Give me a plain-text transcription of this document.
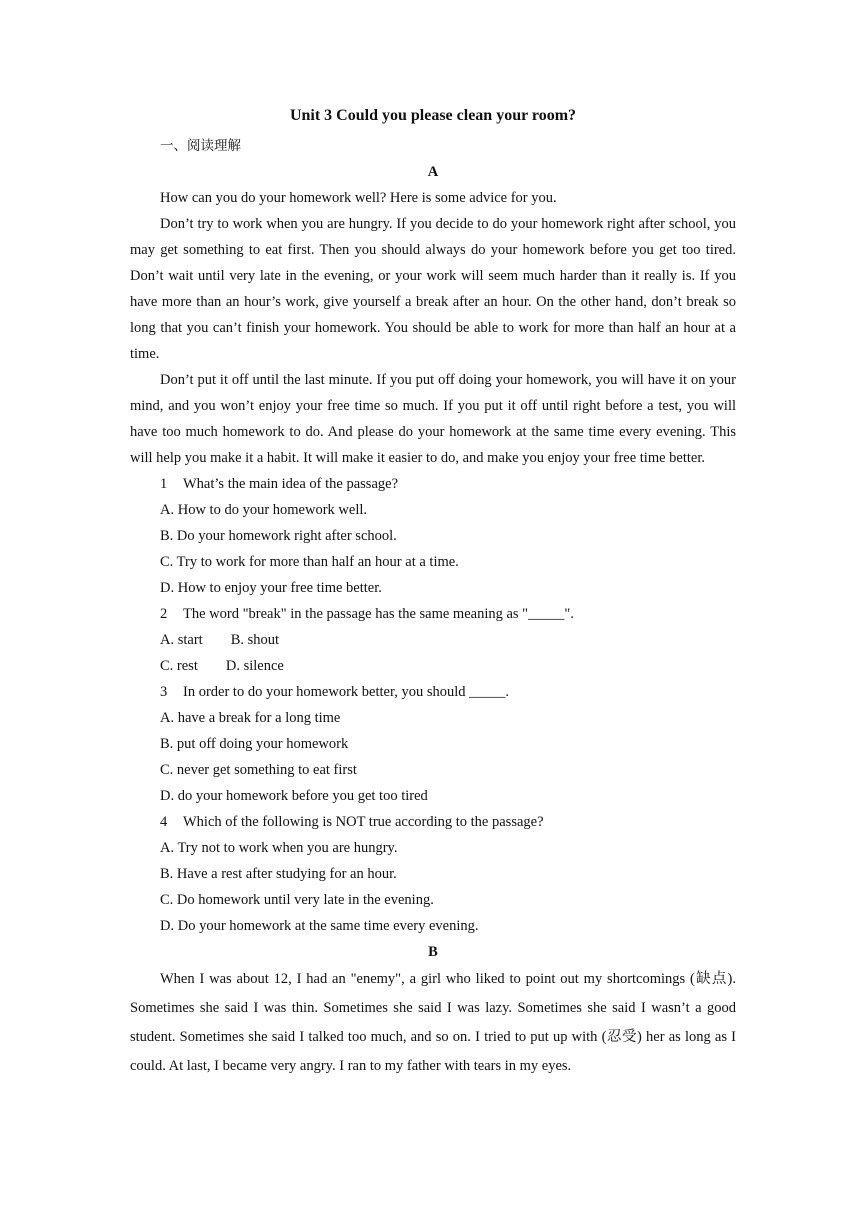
Unit 3 Could you please clean your room?

一、阅读理解

A

How can you do your homework well? Here is some advice for you.

Don’t try to work when you are hungry. If you decide to do your homework right after school, you may get something to eat first. Then you should always do your homework before you get too tired. Don’t wait until very late in the evening, or your work will seem much harder than it really is. If you have more than an hour’s work, give yourself a break after an hour. On the other hand, don’t break so long that you can’t finish your homework. You should be able to work for more than half an hour at a time.

Don’t put it off until the last minute. If you put off doing your homework, you will have it on your mind, and you won’t enjoy your free time so much. If you put it off until right before a test, you will have too much homework to do. And please do your homework at the same time every evening. This will help you make it a habit. It will make it easier to do, and make you enjoy your free time better.

1 What’s the main idea of the passage?

A. How to do your homework well.

B. Do your homework right after school.

C. Try to work for more than half an hour at a time.

D. How to enjoy your free time better.

2 The word "break" in the passage has the same meaning as "_____".

A. start B. shout

C. rest D. silence

3 In order to do your homework better, you should _____.

A. have a break for a long time

B. put off doing your homework

C. never get something to eat first

D. do your homework before you get too tired

4 Which of the following is NOT true according to the passage?

A. Try not to work when you are hungry.

B. Have a rest after studying for an hour.

C. Do homework until very late in the evening.

D. Do your homework at the same time every evening.

B

When I was about 12, I had an "enemy", a girl who liked to point out my shortcomings (缺点). Sometimes she said I was thin. Sometimes she said I was lazy. Sometimes she said I wasn’t a good student. Sometimes she said I talked too much, and so on. I tried to put up with (忍受) her as long as I could. At last, I became very angry. I ran to my father with tears in my eyes.
